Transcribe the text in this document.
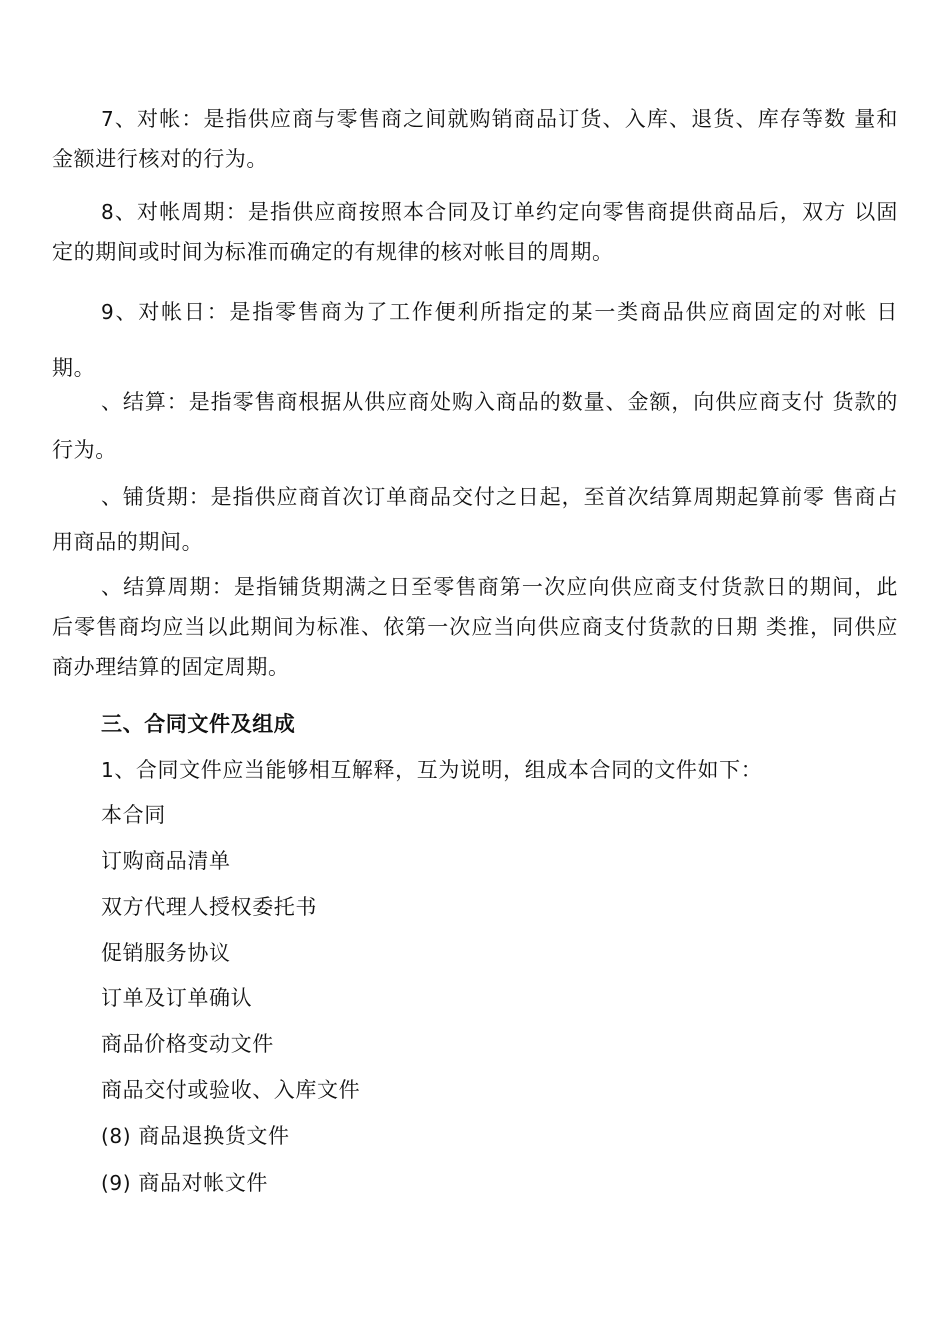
7、对帐：是指供应商与零售商之间就购销商品订货、入库、退货、库存等数 量和金额进行核对的行为。

8、对帐周期：是指供应商按照本合同及订单约定向零售商提供商品后，双方 以固定的期间或时间为标准而确定的有规律的核对帐目的周期。

9、对帐日：是指零售商为了工作便利所指定的某一类商品供应商固定的对帐 日期。

、结算：是指零售商根据从供应商处购入商品的数量、金额，向供应商支付 货款的行为。

、铺货期：是指供应商首次订单商品交付之日起，至首次结算周期起算前零 售商占用商品的期间。

、结算周期：是指铺货期满之日至零售商第一次应向供应商支付货款日的期间，此后零售商均应当以此期间为标准、依第一次应当向供应商支付货款的日期 类推，同供应商办理结算的固定周期。

三、合同文件及组成

1、合同文件应当能够相互解释，互为说明，组成本合同的文件如下：

本合同

订购商品清单

双方代理人授权委托书

促销服务协议

订单及订单确认

商品价格变动文件

商品交付或验收、入库文件

(8) 商品退换货文件

(9) 商品对帐文件
